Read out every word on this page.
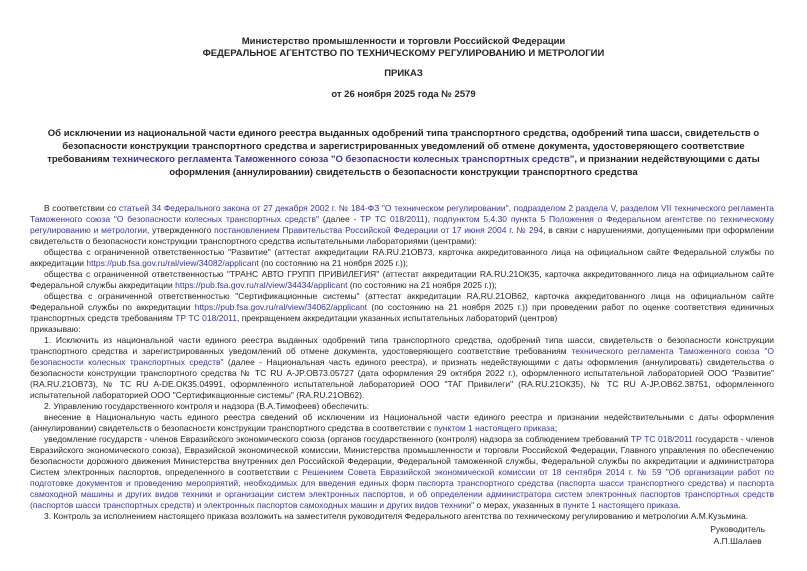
Министерство промышленности и торговли Российской Федерации
ФЕДЕРАЛЬНОЕ АГЕНТСТВО ПО ТЕХНИЧЕСКОМУ РЕГУЛИРОВАНИЮ И МЕТРОЛОГИИ
ПРИКАЗ
от 26 ноября 2025 года № 2579
Об исключении из национальной части единого реестра выданных одобрений типа транспортного средства, одобрений типа шасси, свидетельств о безопасности конструкции транспортного средства и зарегистрированных уведомлений об отмене документа, удостоверяющего соответствие требованиям технического регламента Таможенного союза "О безопасности колесных транспортных средств", и признании недействующими с даты оформления (аннулировании) свидетельств о безопасности конструкции транспортного средства
В соответствии со статьей 34 Федерального закона от 27 декабря 2002 г. № 184-ФЗ "О техническом регулировании", подразделом 2 раздела V, разделом VII технического регламента Таможенного союза "О безопасности колесных транспортных средств" (далее - ТР ТС 018/2011), подпунктом 5.4.30 пункта 5 Положения о Федеральном агентстве по техническому регулированию и метрологии, утвержденного постановлением Правительства Российской Федерации от 17 июня 2004 г. № 294, в связи с нарушениями, допущенными при оформлении свидетельств о безопасности конструкции транспортного средства испытательными лабораториями (центрами):
общества с ограниченной ответственностью "Развитие" (аттестат аккредитации RA.RU.21ОВ73, карточка аккредитованного лица на официальном сайте Федеральной службы по аккредитации https://pub.fsa.gov.ru/ral/view/34082/applicant (по состоянию на 21 ноября 2025 г.));
общества с ограниченной ответственностью "ТРАНС АВТО ГРУПП ПРИВИЛЕГИЯ" (аттестат аккредитации RA.RU.21ОК35, карточка аккредитованного лица на официальном сайте Федеральной службы аккредитации https://pub.fsa.gov.ru/ral/view/34434/applicant (по состоянию на 21 ноября 2025 г.));
общества с ограниченной ответственностью "Сертификационные системы" (аттестат аккредитации RA.RU.21ОВ62, карточка аккредитованного лица на официальном сайте Федеральной службы по аккредитации https://pub.fsa.gov.ru/ral/view/34062/applicant (по состоянию на 21 ноября 2025 г.)) при проведении работ по оценке соответствия единичных транспортных средств требованиям ТР ТС 018/2011, прекращением аккредитации указанных испытательных лабораторий (центров)
приказываю:
1. Исключить из национальной части единого реестра выданных одобрений типа транспортного средства, одобрений типа шасси, свидетельств о безопасности конструкции транспортного средства и зарегистрированных уведомлений об отмене документа, удостоверяющего соответствие требованиям технического регламента Таможенного союза "О безопасности колесных транспортных средств" (далее - Национальная часть единого реестра), и признать недействующими с даты оформления (аннулировать) свидетельства о безопасности конструкции транспортного средства № ТС RU А-JP.ОВ73.05727 (дата оформления 29 октября 2022 г.), оформленного испытательной лабораторией ООО "Развитие" (RA.RU.21ОВ73), № ТС RU А-DE.ОК35.04991, оформленного испытательной лабораторией ООО "ТАГ Привилеги" (RA.RU.21ОК35), № ТС RU А-JP.ОВ62.38751, оформленного испытательной лабораторией ООО "Сертификационные системы" (RA.RU.21ОВ62).
2. Управлению государственного контроля и надзора (В.А.Тимофеев) обеспечить:
внесение в Национальную часть единого реестра сведений об исключении из Национальной части единого реестра и признании недействительными с даты оформления (аннулировании) свидетельств о безопасности конструкции транспортного средства в соответствии с пунктом 1 настоящего приказа;
уведомление государств - членов Евразийского экономического союза (органов государственного (контроля) надзора за соблюдением требований ТР ТС 018/2011 государств - членов Евразийского экономического союза), Евразийской экономической комиссии, Министерства промышленности и торговли Российской Федерации, Главного управления по обеспечению безопасности дорожного движения Министерства внутренних дел Российской Федерации, Федеральной таможенной службы, Федеральной службы по аккредитации и администратора Систем электронных паспортов, определенного в соответствии с Решением Совета Евразийской экономической комиссии от 18 сентября 2014 г. № 59 "Об организации работ по подготовке документов и проведению мероприятий, необходимых для введения единых форм паспорта транспортного средства (паспорта шасси транспортного средства) и паспорта самоходной машины и других видов техники и организации систем электронных паспортов, и об определении администратора систем электронных паспортов транспортных средств (паспортов шасси транспортных средств) и электронных паспортов самоходных машин и других видов техники" о мерах, указанных в пункте 1 настоящего приказа.
3. Контроль за исполнением настоящего приказа возложить на заместителя руководителя Федерального агентства по техническому регулированию и метрологии А.М.Кузьмина.
Руководитель
А.П.Шалаев
